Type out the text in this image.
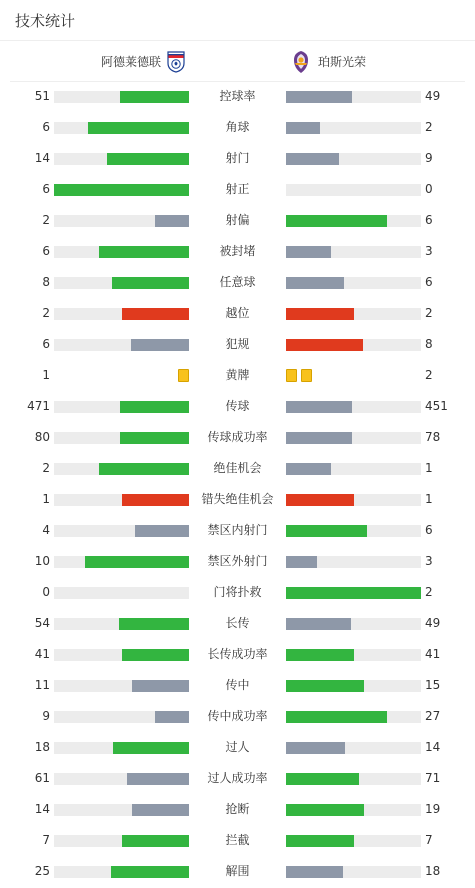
技术统计
阿德莱德联	珀斯光荣
51	控球率	49
6	角球	2
14	射门	9
6	射正	0
2	射偏	6
6	被封堵	3
8	任意球	6
2	越位	2
6	犯规	8
1	黄牌	2
471	传球	451
80	传球成功率	78
2	绝佳机会	1
1	错失绝佳机会	1
4	禁区内射门	6
10	禁区外射门	3
0	门将扑救	2
54	长传	49
41	长传成功率	41
11	传中	15
9	传中成功率	27
18	过人	14
61	过人成功率	71
14	抢断	19
7	拦截	7
25	解围	18
